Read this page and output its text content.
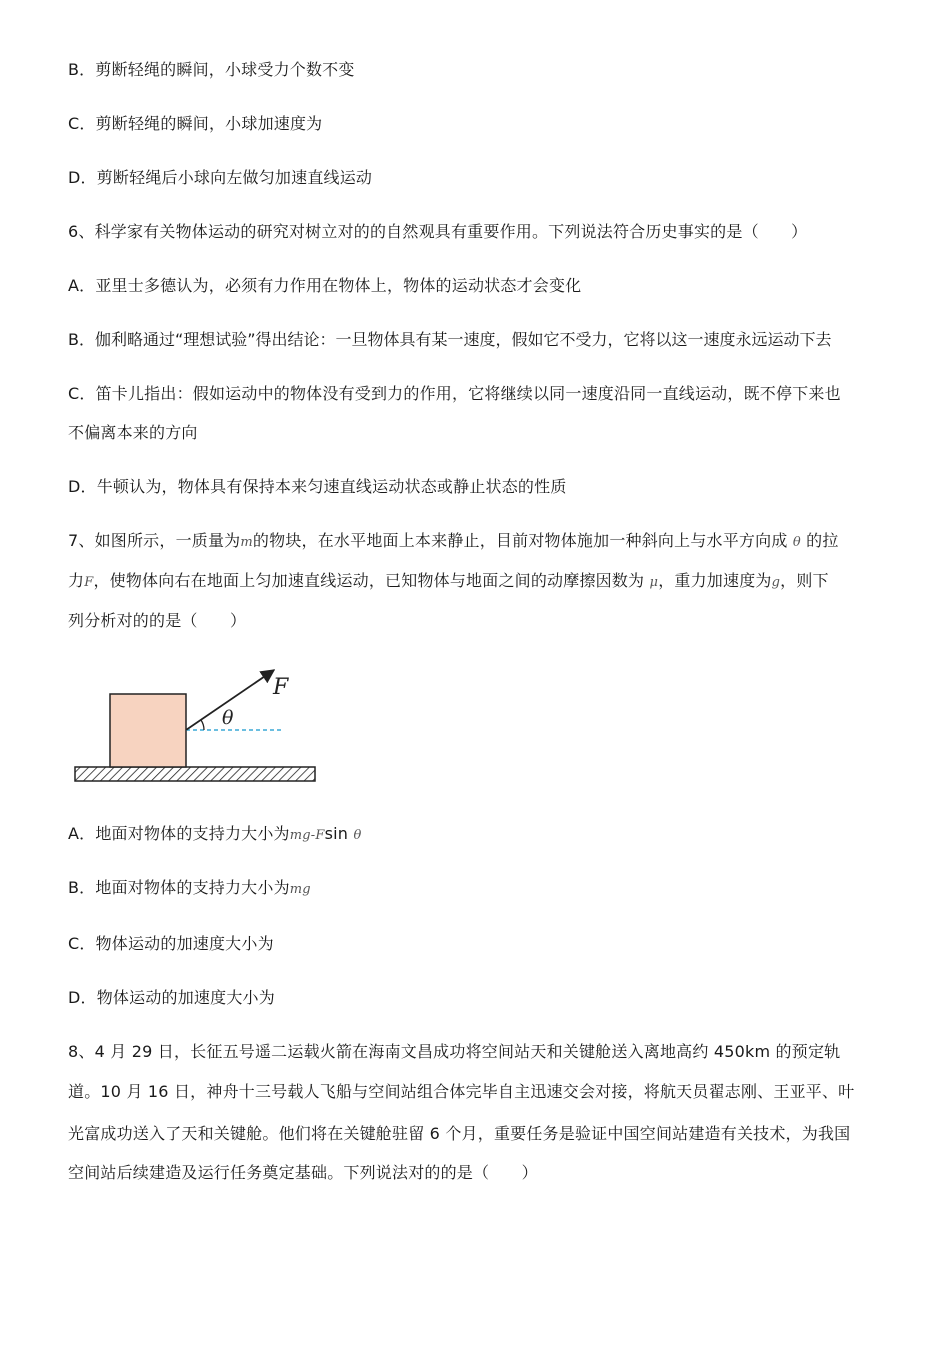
B．剪断轻绳的瞬间，小球受力个数不变
C．剪断轻绳的瞬间，小球加速度为
D．剪断轻绳后小球向左做匀加速直线运动
6、科学家有关物体运动的研究对树立对的的自然观具有重要作用。下列说法符合历史事实的是（　　）
A．亚里士多德认为，必须有力作用在物体上，物体的运动状态才会变化
B．伽利略通过“理想试验”得出结论：一旦物体具有某一速度，假如它不受力，它将以这一速度永远运动下去
C．笛卡儿指出：假如运动中的物体没有受到力的作用，它将继续以同一速度沿同一直线运动，既不停下来也
不偏离本来的方向
D．牛顿认为，物体具有保持本来匀速直线运动状态或静止状态的性质
7、如图所示，一质量为m的物块，在水平地面上本来静止，目前对物体施加一种斜向上与水平方向成 θ 的拉
力F，使物体向右在地面上匀加速直线运动，已知物体与地面之间的动摩擦因数为 μ，重力加速度为g，则下
列分析对的的是（　　）
F
θ
A．地面对物体的支持力大小为mg-Fsin θ
B．地面对物体的支持力大小为mg
C．物体运动的加速度大小为
D．物体运动的加速度大小为
8、4 月 29 日，长征五号遥二运载火箭在海南文昌成功将空间站天和关键舱送入离地高约 450km 的预定轨
道。10 月 16 日，神舟十三号载人飞船与空间站组合体完毕自主迅速交会对接，将航天员翟志刚、王亚平、叶
光富成功送入了天和关键舱。他们将在关键舱驻留 6 个月，重要任务是验证中国空间站建造有关技术，为我国
空间站后续建造及运行任务奠定基础。下列说法对的的是（　　）
